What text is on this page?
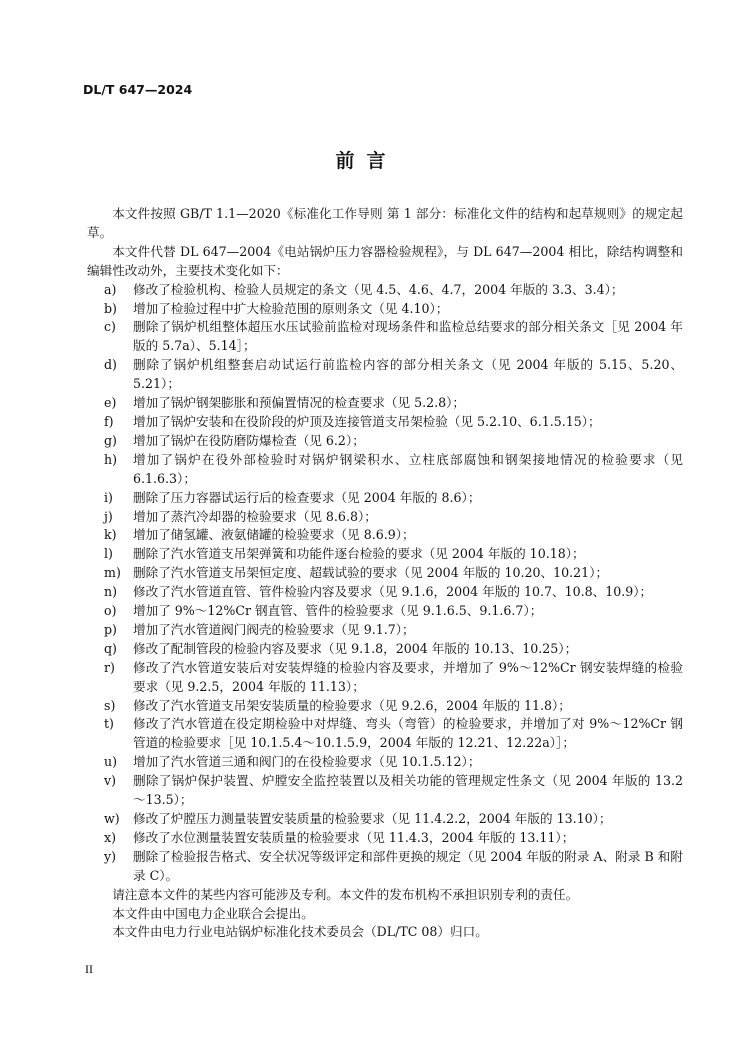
DL/T 647—2024
前言

本文件按照 GB/T 1.1—2020《标准化工作导则 第 1 部分：标准化文件的结构和起草规则》的规定起草。

本文件代替 DL 647—2004《电站锅炉压力容器检验规程》，与 DL 647—2004 相比，除结构调整和编辑性改动外，主要技术变化如下：

a)	修改了检验机构、检验人员规定的条文（见 4.5、4.6、4.7，2004 年版的 3.3、3.4）；
b)	增加了检验过程中扩大检验范围的原则条文（见 4.10）；
c)	删除了锅炉机组整体超压水压试验前监检对现场条件和监检总结要求的部分相关条文［见 2004 年版的 5.7a）、5.14］；
d)	删除了锅炉机组整套启动试运行前监检内容的部分相关条文（见 2004 年版的 5.15、5.20、5.21）；
e)	增加了锅炉钢架膨胀和预偏置情况的检查要求（见 5.2.8）；
f)	增加了锅炉安装和在役阶段的炉顶及连接管道支吊架检验（见 5.2.10、6.1.5.15）；
g)	增加了锅炉在役防磨防爆检查（见 6.2）；
h)	增加了锅炉在役外部检验时对锅炉钢梁积水、立柱底部腐蚀和钢架接地情况的检验要求（见 6.1.6.3）；
i)	删除了压力容器试运行后的检查要求（见 2004 年版的 8.6）；
j)	增加了蒸汽冷却器的检验要求（见 8.6.8）；
k)	增加了储氢罐、液氨储罐的检验要求（见 8.6.9）；
l)	删除了汽水管道支吊架弹簧和功能件逐台检验的要求（见 2004 年版的 10.18）；
m) 删除了汽水管道支吊架恒定度、超载试验的要求（见 2004 年版的 10.20、10.21）；
n)	修改了汽水管道直管、管件检验内容及要求（见 9.1.6，2004 年版的 10.7、10.8、10.9）；
o)	增加了 9%～12%Cr 钢直管、管件的检验要求（见 9.1.6.5、9.1.6.7）；
p)	增加了汽水管道阀门阀壳的检验要求（见 9.1.7）；
q)	修改了配制管段的检验内容及要求（见 9.1.8，2004 年版的 10.13、10.25）；
r)	修改了汽水管道安装后对安装焊缝的检验内容及要求，并增加了 9%～12%Cr 钢安装焊缝的检验要求（见 9.2.5，2004 年版的 11.13）；
s)	修改了汽水管道支吊架安装质量的检验要求（见 9.2.6，2004 年版的 11.8）；
t)	修改了汽水管道在役定期检验中对焊缝、弯头（弯管）的检验要求，并增加了对 9%～12%Cr 钢管道的检验要求［见 10.1.5.4～10.1.5.9，2004 年版的 12.21、12.22a）］；
u)	增加了汽水管道三通和阀门的在役检验要求（见 10.1.5.12）；
v)	删除了锅炉保护装置、炉膛安全监控装置以及相关功能的管理规定性条文（见 2004 年版的 13.2～13.5）；
w)	修改了炉膛压力测量装置安装质量的检验要求（见 11.4.2.2，2004 年版的 13.10）；
x)	修改了水位测量装置安装质量的检验要求（见 11.4.3，2004 年版的 13.11）；
y)	删除了检验报告格式、安全状况等级评定和部件更换的规定（见 2004 年版的附录 A、附录 B 和附录 C）。

请注意本文件的某些内容可能涉及专利。本文件的发布机构不承担识别专利的责任。

本文件由中国电力企业联合会提出。

本文件由电力行业电站锅炉标准化技术委员会（DL/TC 08）归口。

II
